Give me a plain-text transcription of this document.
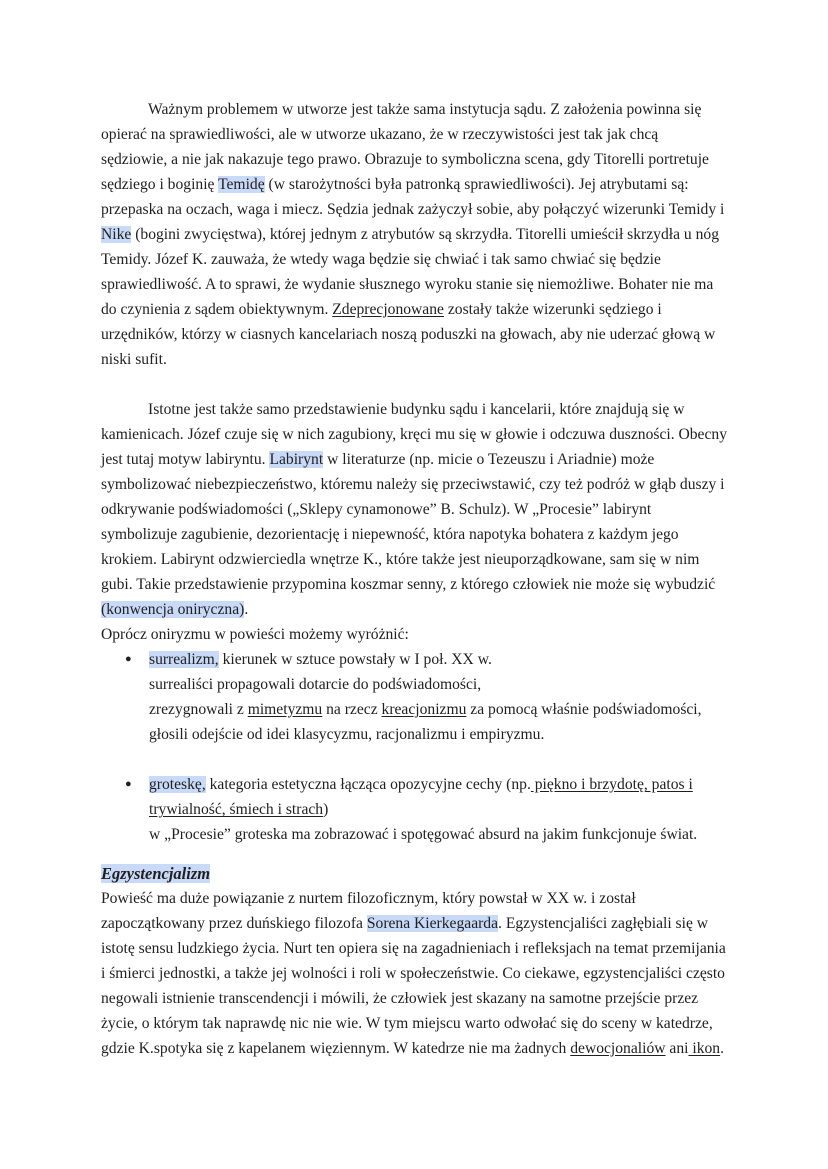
Ważnym problemem w utworze jest także sama instytucja sądu. Z założenia powinna się opierać na sprawiedliwości, ale w utworze ukazano, że w rzeczywistości jest tak jak chcą sędziowie, a nie jak nakazuje tego prawo. Obrazuje to symboliczna scena, gdy Titorelli portretuje sędziego i boginię Temidę (w starożytności była patronką sprawiedliwości). Jej atrybutami są: przepaska na oczach, waga i miecz. Sędzia jednak zażyczył sobie, aby połączyć wizerunki Temidy i Nike (bogini zwycięstwa), której jednym z atrybutów są skrzydła. Titorelli umieścił skrzydła u nóg Temidy. Józef K. zauważa, że wtedy waga będzie się chwiać i tak samo chwiać się będzie sprawiedliwość. A to sprawi, że wydanie słusznego wyroku stanie się niemożliwe. Bohater nie ma do czynienia z sądem obiektywnym. Zdeprecjonowane zostały także wizerunki sędziego i urzędników, którzy w ciasnych kancelariach noszą poduszki na głowach, aby nie uderzać głową w niski sufit.

Istotne jest także samo przedstawienie budynku sądu i kancelarii, które znajdują się w kamienicach. Józef czuje się w nich zagubiony, kręci mu się w głowie i odczuwa duszności. Obecny jest tutaj motyw labiryntu. Labirynt w literaturze (np. micie o Tezeuszu i Ariadnie) może symbolizować niebezpieczeństwo, któremu należy się przeciwstawić, czy też podróż w głąb duszy i odkrywanie podświadomości („Sklepy cynamonowe” B. Schulz). W „Procesie” labirynt symbolizuje zagubienie, dezorientację i niepewność, która napotyka bohatera z każdym jego krokiem. Labirynt odzwierciedla wnętrze K., które także jest nieuporządkowane, sam się w nim gubi. Takie przedstawienie przypomina koszmar senny, z którego człowiek nie może się wybudzić (konwencja oniryczna).

Oprócz oniryzmu w powieści możemy wyróżnić:

● surrealizm, kierunek w sztuce powstały w I poł. XX w.
surrealiści propagowali dotarcie do podświadomości,
zrezygnowali z mimetyzmu na rzecz kreacjonizmu za pomocą właśnie podświadomości,
głosili odejście od idei klasycyzmu, racjonalizmu i empiryzmu.
● groteskę, kategoria estetyczna łącząca opozycyjne cechy (np. piękno i brzydotę, patos i trywialność, śmiech i strach)
w „Procesie” groteska ma zobrazować i spotęgować absurd na jakim funkcjonuje świat.

Egzystencjalizm

Powieść ma duże powiązanie z nurtem filozoficznym, który powstał w XX w. i został zapoczątkowany przez duńskiego filozofa Sorena Kierkegaarda. Egzystencjaliści zagłębiali się w istotę sensu ludzkiego życia. Nurt ten opiera się na zagadnieniach i refleksjach na temat przemijania i śmierci jednostki, a także jej wolności i roli w społeczeństwie. Co ciekawe, egzystencjaliści często negowali istnienie transcendencji i mówili, że człowiek jest skazany na samotne przejście przez życie, o którym tak naprawdę nic nie wie. W tym miejscu warto odwołać się do sceny w katedrze, gdzie K.spotyka się z kapelanem więziennym. W katedrze nie ma żadnych dewocjonaliów ani ikon.
